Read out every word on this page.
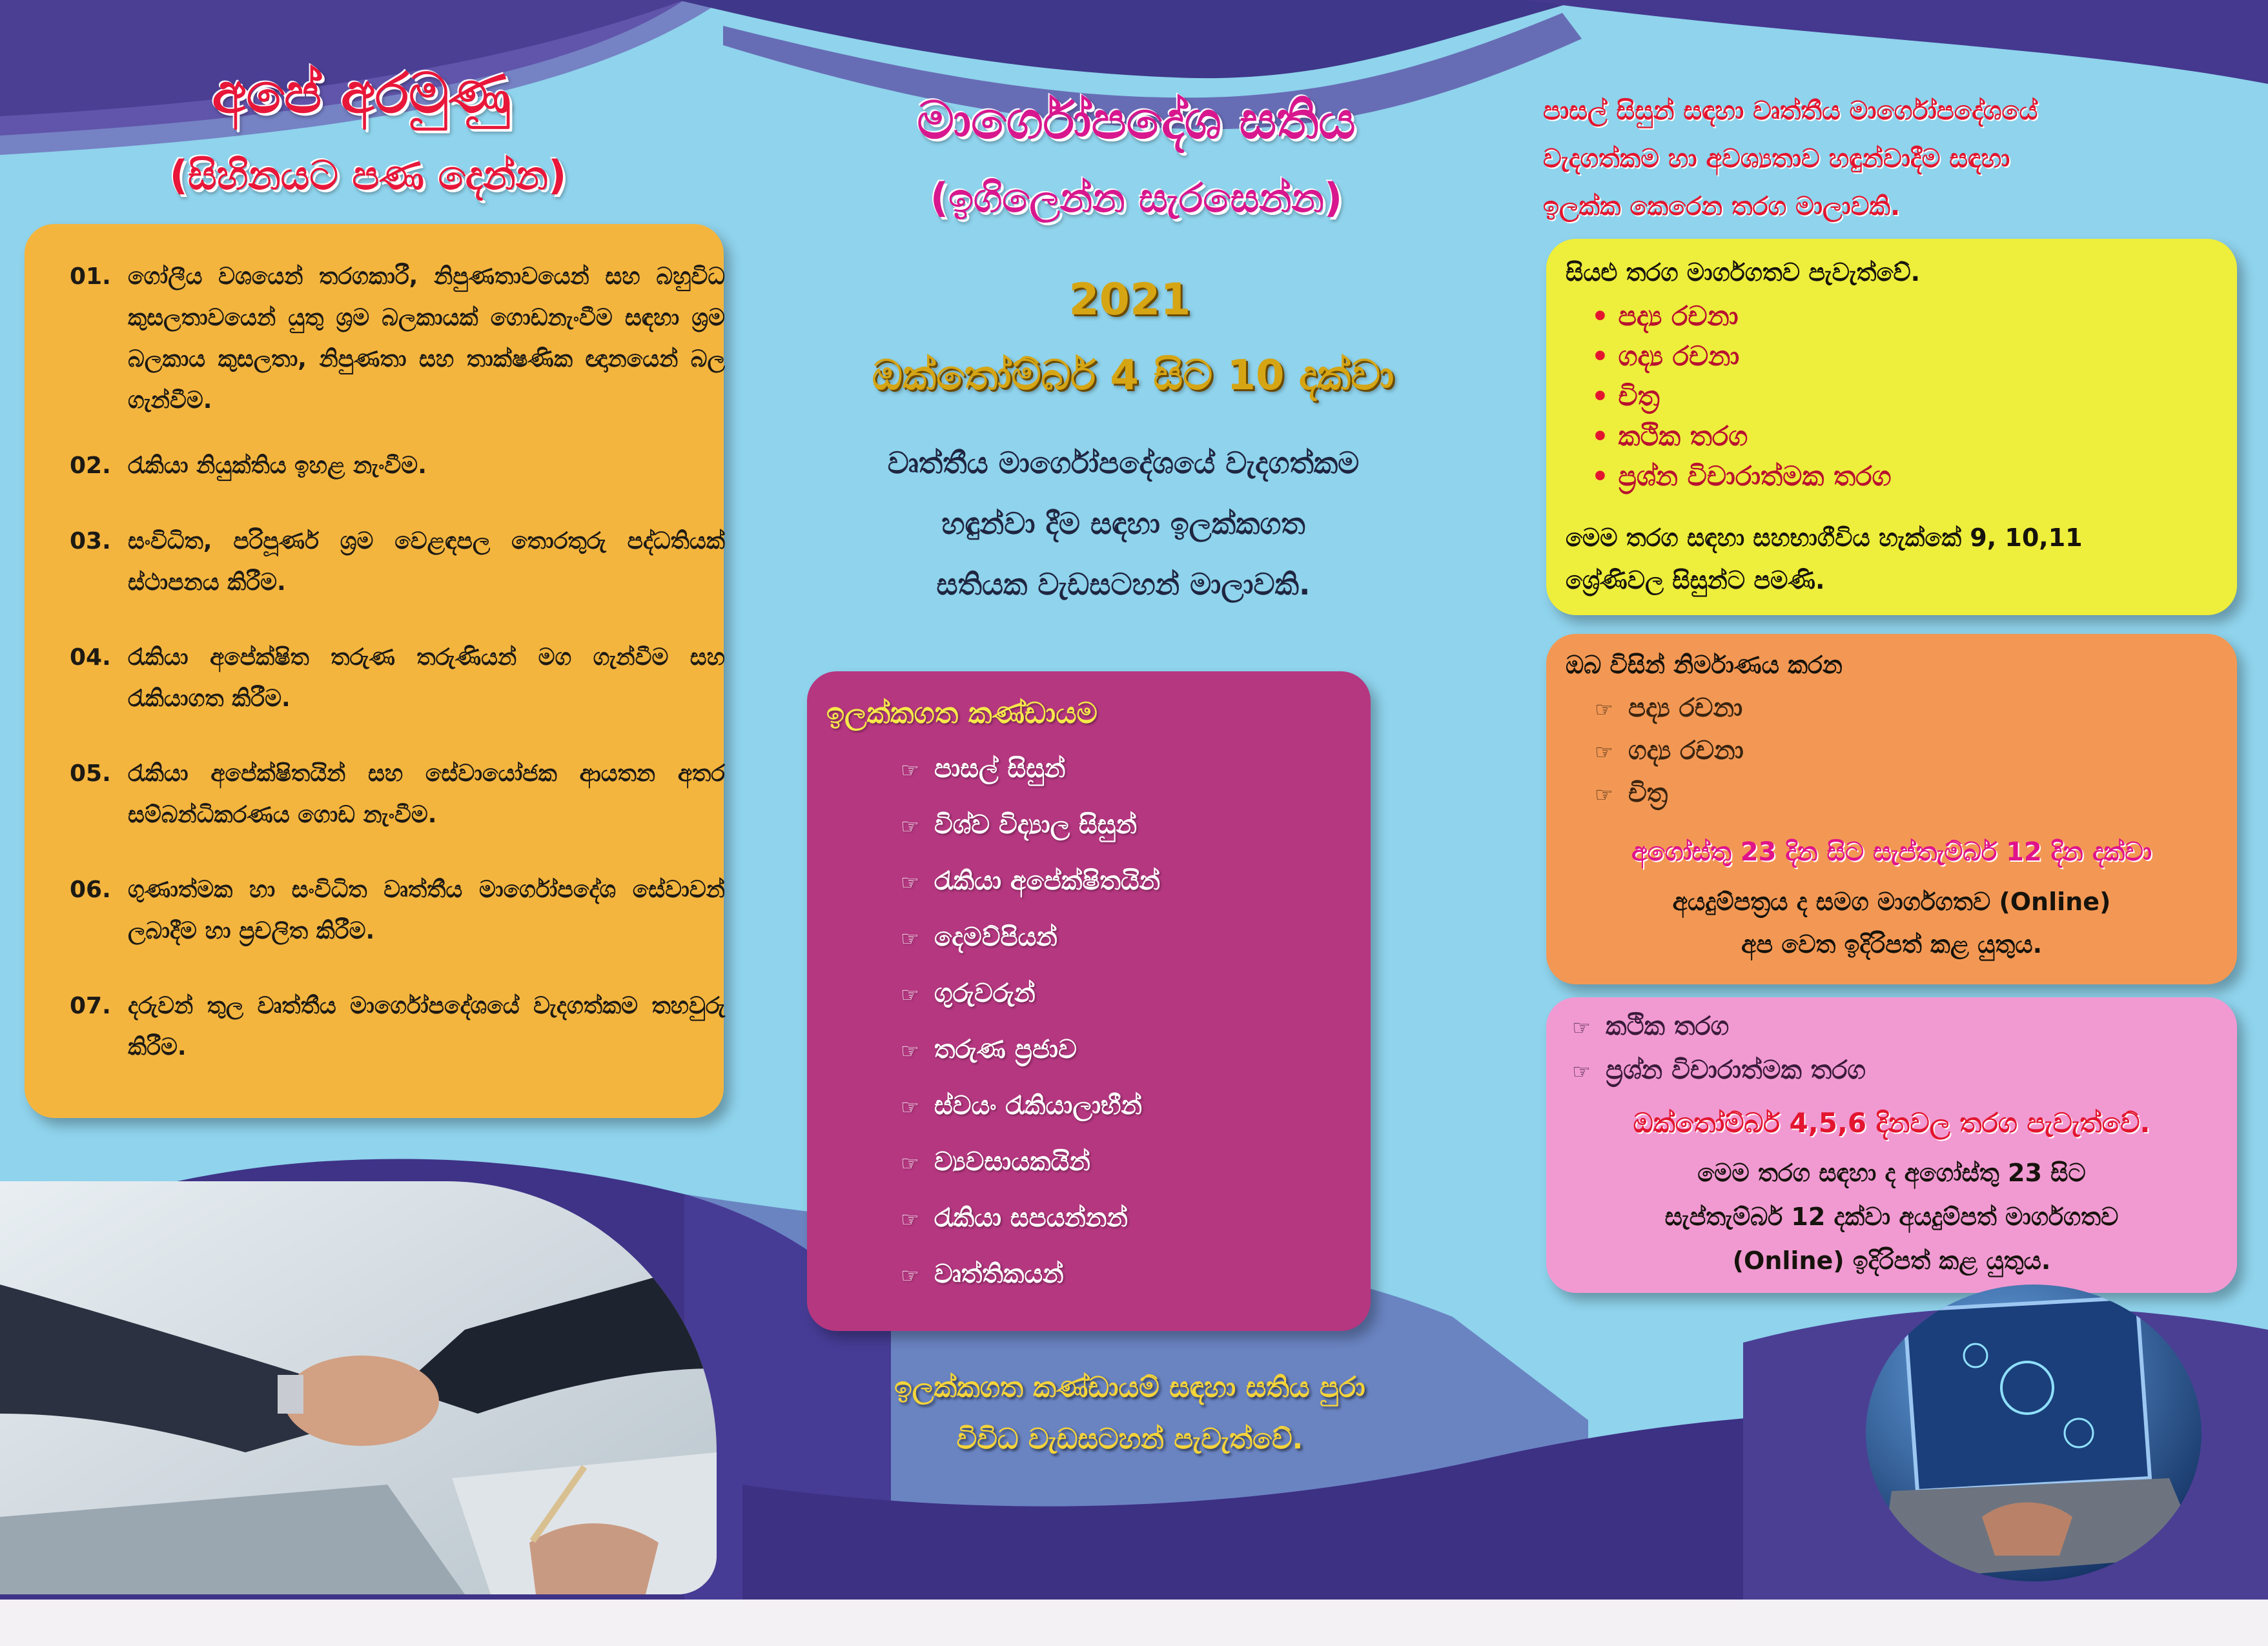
අපේ අරමුණු
(සිහිනයට පණ දෙන්න)
01. ගෝලීය වශයෙන් තරගකාරී, නිපුණතාවයෙන් සහ බහුවිධ කුසලතාවයෙන් යුතු ශ්‍රම බලකායක් ගොඩනැංවීම සඳහා ශ්‍රම බලකාය කුසලතා, නිපුණතා සහ තාක්ෂණික ඥානයෙන් බල ගැන්වීම.
02. රැකියා නියුක්තිය ඉහළ නැංවීම.
03. සංවිධිත, පරිපූර්ණ ශ්‍රම වෙළඳපල තොරතුරු පද්ධතියක් ස්ථාපනය කිරීම.
04. රැකියා අපේක්ෂිත තරුණ තරුණියන් මග ගැන්වීම සහ රැකියාගත කිරීම.
05. රැකියා අපේක්ෂිතයින් සහ සේවායෝජක ආයතන අතර සම්බන්ධිකරණය ගොඩ නැංවීම.
06. ගුණාත්මක හා සංවිධිත වෘත්තීය මාර්ගෝපදේශ සේවාවන් ලබාදීම හා ප්‍රචලිත කිරීම.
07. දරුවන් තුල වෘත්තීය මාර්ගෝපදේශයේ වැදගත්කම තහවුරු කිරීම.
මාර්ගෝපදේශ සතිය
(ඉගිලෙන්න සැරසෙන්න)
2021
ඔක්තෝම්බර් 4 සිට 10 දක්වා
වෘත්තීය මාර්ගෝපදේශයේ වැදගත්කම
හඳුන්වා දීම සඳහා ඉලක්කගත
සතියක වැඩසටහන් මාලාවකි.
ඉලක්කගත කණ්ඩායම
☞ පාසල් සිසුන්
☞ විශ්ව විද්‍යාල සිසුන්
☞ රැකියා අපේක්ෂිතයින්
☞ දෙමව්පියන්
☞ ගුරුවරුන්
☞ තරුණ ප්‍රජාව
☞ ස්වයං රැකියාලාභීන්
☞ ව්‍යවසායකයින්
☞ රැකියා සපයන්නන්
☞ වෘත්තිකයන්
ඉලක්කගත කණ්ඩායම් සඳහා සතිය පුරා
විවිධ වැඩසටහන් පැවැත්වේ.
පාසල් සිසුන් සඳහා වෘත්තීය මාර්ගෝපදේශයේ
වැදගත්කම හා අවශ්‍යතාව හඳුන්වාදීම සඳහා
ඉලක්ක කෙරෙන තරග මාලාවකි.
සියළු තරග මාර්ගගතව පැවැත්වේ.
• පද්‍ය රචනා
• ගද්‍ය රචනා
• චිත්‍ර
• කථික තරග
• ප්‍රශ්න විචාරාත්මක තරග
මෙම තරග සඳහා සහභාගීවිය හැක්කේ 9, 10,11
ශ්‍රේණිවල සිසුන්ට පමණි.
ඔබ විසින් නිර්මාණය කරන
☞ පද්‍ය රචනා
☞ ගද්‍ය රචනා
☞ චිත්‍ර
අගෝස්තු 23 දින සිට සැප්තැම්බර් 12 දින දක්වා
අයදුම්පත්‍රය ද සමග මාර්ගගතව (Online)
අප වෙත ඉදිරිපත් කළ යුතුය.
☞ කථික තරග
☞ ප්‍රශ්න විචාරාත්මක තරග
ඔක්තෝම්බර් 4,5,6 දිනවල තරග පැවැත්වේ.
මෙම තරග සඳහා ද අගෝස්තු 23 සිට
සැප්තැම්බර් 12 දක්වා අයදුම්පත් මාර්ගගතව
(Online) ඉදිරිපත් කළ යුතුය.
